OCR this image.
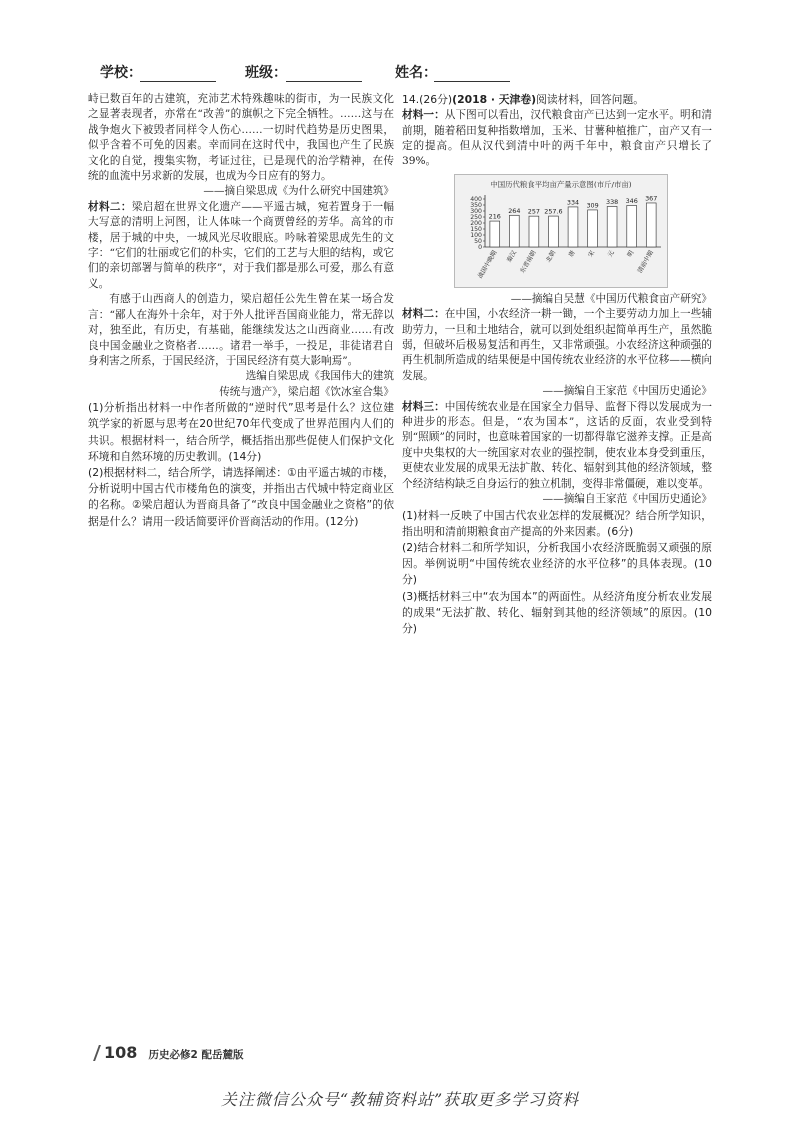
学校：	班级：	姓名：

峙已数百年的古建筑，充沛艺术特殊趣味的街市，为一民族文化之显著表现者，亦常在“改善”的旗帜之下完全牺牲。……这与在战争炮火下被毁者同样令人伤心……一切时代趋势是历史图果，似乎含着不可免的因素。幸而同在这时代中，我国也产生了民族文化的自觉，搜集实物，考证过往，已是现代的治学精神，在传统的血流中另求新的发展，也成为今日应有的努力。

——摘自梁思成《为什么研究中国建筑》

材料二：梁启超在世界文化遗产——平遥古城，宛若置身于一幅大写意的清明上河图，让人体味一个商贾曾经的芳华。高耸的市楼，居于城的中央，一城风光尽收眼底。吟咏着梁思成先生的文字：“它们的壮丽或它们的朴实，它们的工艺与大胆的结构，或它们的亲切部署与简单的秩序”，对于我们都是那么可爱，那么有意义。

有感于山西商人的创造力，梁启超任公先生曾在某一场合发言：“鄙人在海外十余年，对于外人批评吾国商业能力，常无辞以对，独至此，有历史，有基础，能继续发达之山西商业……有改良中国金融业之资格者……。诸君一举手，一投足，非徒诸君自身利害之所系，于国民经济，于国民经济有莫大影响焉”。

选编自梁思成《我国伟大的建筑

传统与遗产》，梁启超《饮冰室合集》

(1)分析指出材料一中作者所做的“逆时代”思考是什么？这位建筑学家的祈愿与思考在20世纪70年代变成了世界范围内人们的共识。根据材料一，结合所学，概括指出那些促使人们保护文化环境和自然环境的历史教训。(14分)

(2)根据材料二，结合所学，请选择阐述：①由平遥古城的市楼，分析说明中国古代市楼角色的演变，并指出古代城中特定商业区的名称。②梁启超认为晋商具备了“改良中国金融业之资格”的依据是什么？请用一段话简要评价晋商活动的作用。(12分)

14.(26分)(2018 · 天津卷)阅读材料，回答问题。

材料一：从下图可以看出，汉代粮食亩产已达到一定水平。明和清前期，随着稻田复种指数增加，玉米、甘薯种植推广，亩产又有一定的提高。但从汉代到清中叶的两千年中，粮食亩产只增长了39%。

中国历代粮食平均亩产量示意图(市斤/市亩)
0
50
100
150
200
250
300
350
400
216
战国中晚期
264
秦汉
257
东晋南朝
257.6
北朝
334
唐
309
宋
338
元
346
明
367
清前中期

——摘编自吴慧《中国历代粮食亩产研究》

材料二：在中国，小农经济一耕一锄，一个主要劳动力加上一些辅助劳力，一旦和土地结合，就可以到处组织起简单再生产，虽然脆弱，但破坏后极易复活和再生，又非常顽强。小农经济这种顽强的再生机制所造成的结果便是中国传统农业经济的水平位移——横向发展。

——摘编自王家范《中国历史通论》

材料三：中国传统农业是在国家全力倡导、监督下得以发展成为一种进步的形态。但是，“农为国本”，这话的反面，农业受到特别“照顾”的同时，也意味着国家的一切都得靠它滋养支撑。正是高度中央集权的大一统国家对农业的强控制，使农业本身受到重压，更使农业发展的成果无法扩散、转化、辐射到其他的经济领域，整个经济结构缺乏自身运行的独立机制，变得非常僵硬，难以变革。

——摘编自王家范《中国历史通论》

(1)材料一反映了中国古代农业怎样的发展概况？结合所学知识，指出明和清前期粮食亩产提高的外来因素。(6分)

(2)结合材料二和所学知识，分析我国小农经济既脆弱又顽强的原因。举例说明“中国传统农业经济的水平位移”的具体表现。(10分)

(3)概括材料三中“农为国本”的两面性。从经济角度分析农业发展的成果“无法扩散、转化、辐射到其他的经济领域”的原因。(10分)

108 历史必修2 配岳麓版
关注微信公众号“教辅资料站”获取更多学习资料
